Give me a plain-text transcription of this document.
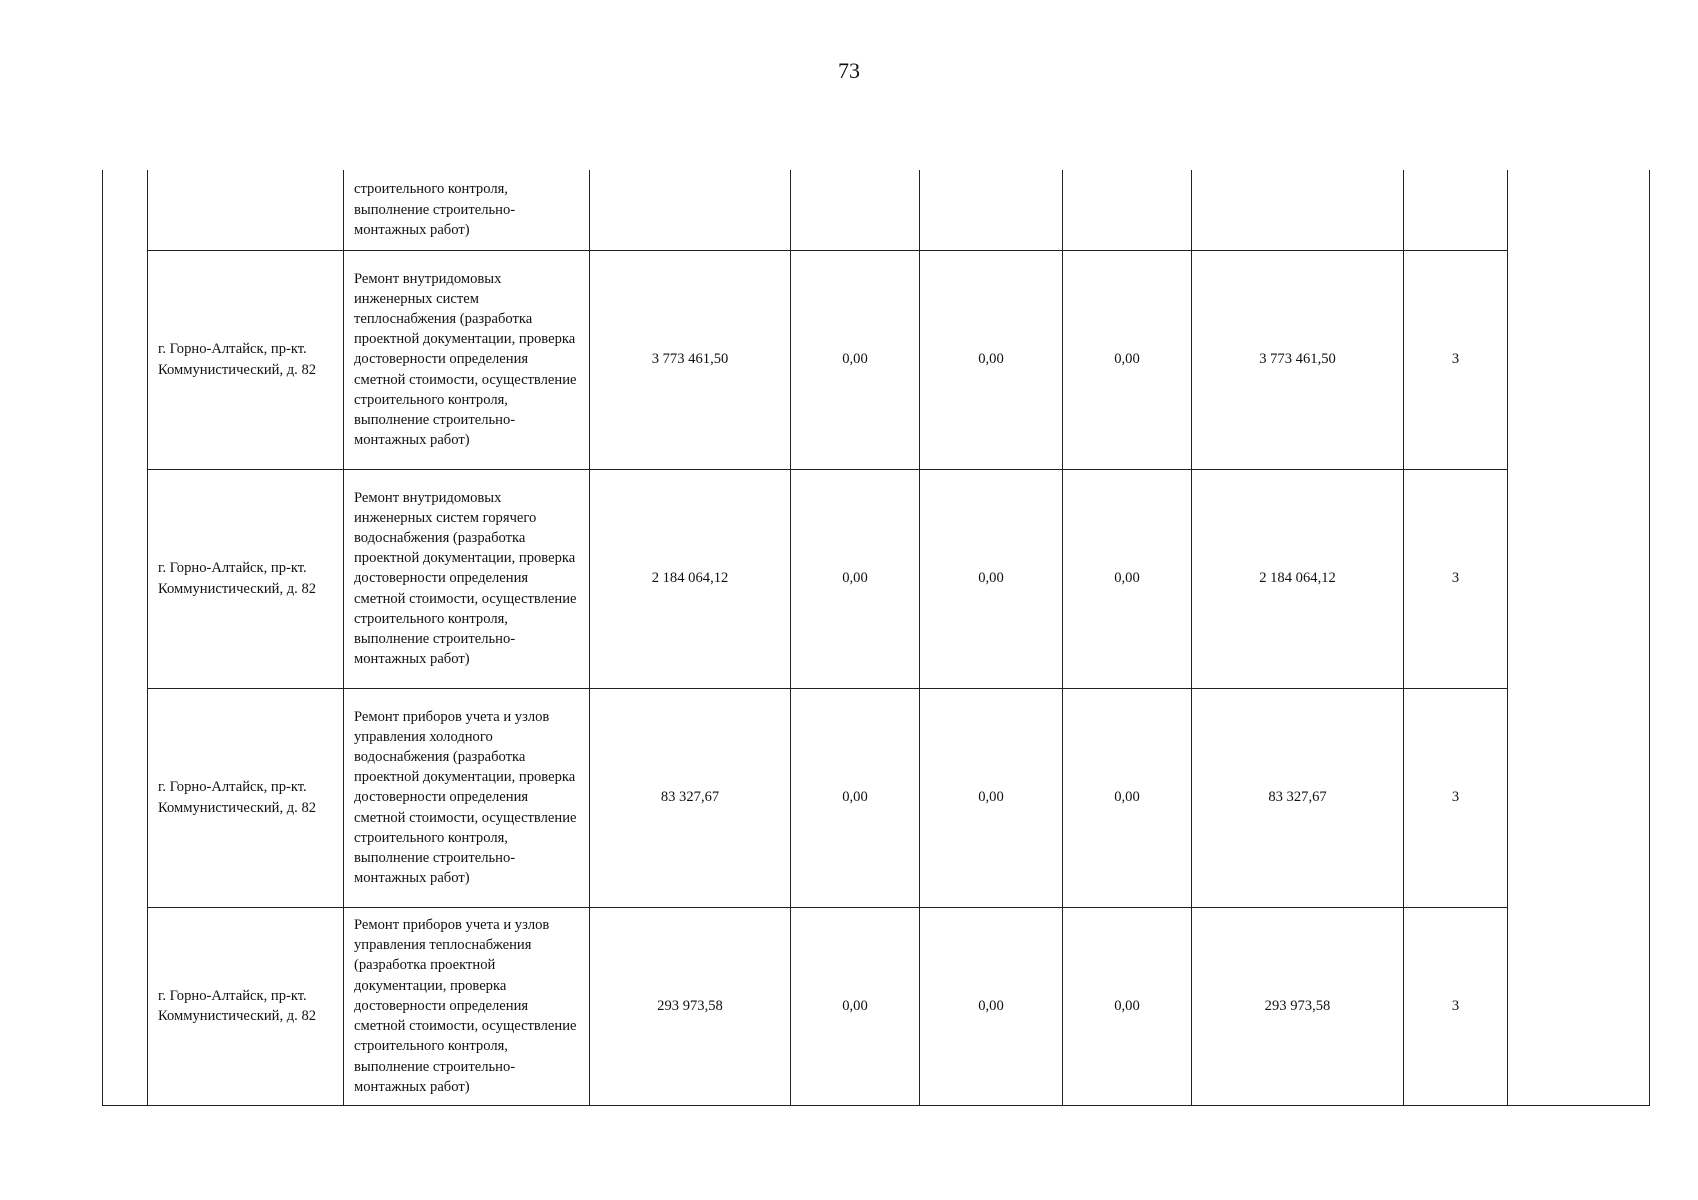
73

		строительного контроля, выполнение строительно-монтажных работ)							

	г. Горно-Алтайск, пр-кт. Коммунистический, д. 82	Ремонт внутридомовых инженерных систем теплоснабжения (разработка проектной документации, проверка достоверности определения сметной стоимости, осуществление строительного контроля, выполнение строительно-монтажных работ)	3 773 461,50	0,00	0,00	0,00	3 773 461,50	3	
	г. Горно-Алтайск, пр-кт. Коммунистический, д. 82	Ремонт внутридомовых инженерных систем горячего водоснабжения (разработка проектной документации, проверка достоверности определения сметной стоимости, осуществление строительного контроля, выполнение строительно-монтажных работ)	2 184 064,12	0,00	0,00	0,00	2 184 064,12	3	
	г. Горно-Алтайск, пр-кт. Коммунистический, д. 82	Ремонт приборов учета и узлов управления холодного водоснабжения (разработка проектной документации, проверка достоверности определения сметной стоимости, осуществление строительного контроля, выполнение строительно-монтажных работ)	83 327,67	0,00	0,00	0,00	83 327,67	3	
	г. Горно-Алтайск, пр-кт. Коммунистический, д. 82	Ремонт приборов учета и узлов управления теплоснабжения (разработка проектной документации, проверка достоверности определения сметной стоимости, осуществление строительного контроля, выполнение строительно-монтажных работ)	293 973,58	0,00	0,00	0,00	293 973,58	3	
